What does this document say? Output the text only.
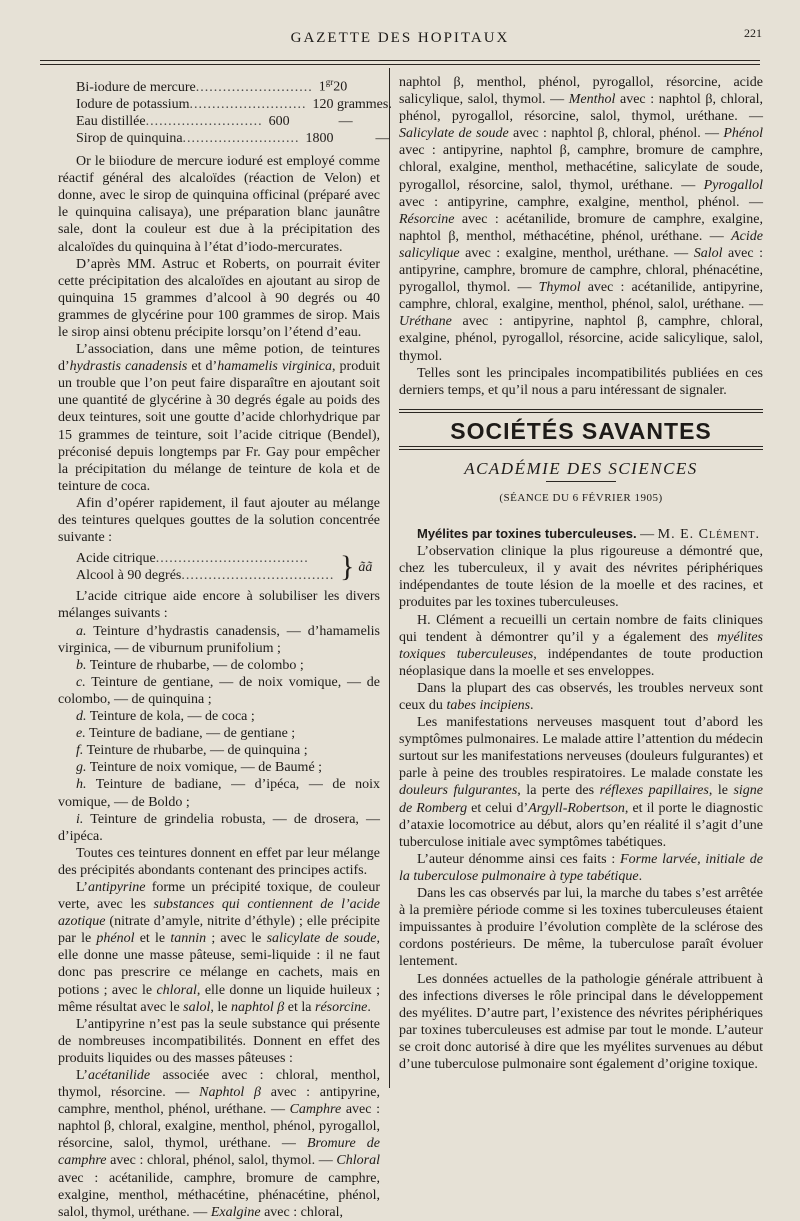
GAZETTE DES HOPITAUX	221
Bi-iodure de mercure .......................... $1^{gr}20$
Iodure de potassium .......................... 120 grammes.
Eau distillée .......................... 600	—
Sirop de quinquina .......................... 1800	—

Or le biiodure de mercure ioduré est employé comme réactif général des alcaloïdes (réaction de Velon) et donne, avec le sirop de quinquina officinal (préparé avec le quinquina calisaya), une préparation blanc jaunâtre sale, dont la couleur est due à la précipitation des alcaloïdes du quinquina à l’état d’iodo-mercurates.

D’après MM. Astruc et Roberts, on pourrait éviter cette précipitation des alcaloïdes en ajoutant au sirop de quinquina 15 grammes d’alcool à 90 degrés ou 40 grammes de glycérine pour 100 grammes de sirop. Mais le sirop ainsi obtenu précipite lorsqu’on l’étend d’eau.

L’association, dans une même potion, de teintures d’hydrastis canadensis et d’hamamelis virginica, produit un trouble que l’on peut faire disparaître en ajoutant soit une quantité de glycérine à 30 degrés égale au poids des deux teintures, soit une goutte d’acide chlorhydrique par 15 grammes de teinture, soit l’acide citrique (Bendel), préconisé depuis longtemps par Fr. Gay pour empêcher la précipitation du mélange de teinture de kola et de teinture de coca.

Afin d’opérer rapidement, il faut ajouter au mélange des teintures quelques gouttes de la solution concentrée suivante :

Acide citrique ..................................
Alcool à 90 degrés .................................. } ãã

L’acide citrique aide encore à solubiliser les divers mélanges suivants :

a. Teinture d’hydrastis canadensis, — d’hamamelis virginica, — de viburnum prunifolium ;

b. Teinture de rhubarbe, — de colombo ;

c. Teinture de gentiane, — de noix vomique, — de colombo, — de quinquina ;

d. Teinture de kola, — de coca ;

e. Teinture de badiane, — de gentiane ;

f. Teinture de rhubarbe, — de quinquina ;

g. Teinture de noix vomique, — de Baumé ;

h. Teinture de badiane, — d’ipéca, — de noix vomique, — de Boldo ;

i. Teinture de grindelia robusta, — de drosera, — d’ipéca.

Toutes ces teintures donnent en effet par leur mélange des précipités abondants contenant des principes actifs.

L’antipyrine forme un précipité toxique, de couleur verte, avec les substances qui contiennent de l’acide azotique (nitrate d’amyle, nitrite d’éthyle) ; elle précipite par le phénol et le tannin ; avec le salicylate de soude, elle donne une masse pâteuse, semi-liquide : il ne faut donc pas prescrire ce mélange en cachets, mais en potions ; avec le chloral, elle donne un liquide huileux ; même résultat avec le salol, le naphtol β et la résorcine.

L’antipyrine n’est pas la seule substance qui présente de nombreuses incompatibilités. Donnent en effet des produits liquides ou des masses pâteuses :

L’acétanilide associée avec : chloral, menthol, thymol, résorcine. — Naphtol β avec : antipyrine, camphre, menthol, phénol, uréthane. — Camphre avec : naphtol β, chloral, exalgine, menthol, phénol, pyrogallol, résorcine, salol, thymol, uréthane. — Bromure de camphre avec : chloral, phénol, salol, thymol. — Chloral avec : acétanilide, camphre, bromure de camphre, exalgine, menthol, méthacétine, phénacétine, phénol, salol, thymol, uréthane. — Exalgine avec : chloral,

naphtol β, menthol, phénol, pyrogallol, résorcine, acide salicylique, salol, thymol. — Menthol avec : naphtol β, chloral, phénol, pyrogallol, résorcine, salol, thymol, uréthane. — Salicylate de soude avec : naphtol β, chloral, phénol. — Phénol avec : antipyrine, naphtol β, camphre, bromure de camphre, chloral, exalgine, menthol, methacétine, salicylate de soude, pyrogallol, résorcine, salol, thymol, uréthane. — Pyrogallol avec : antipyrine, camphre, exalgine, menthol, phénol. — Résorcine avec : acétanilide, bromure de camphre, exalgine, naphtol β, menthol, méthacétine, phénol, uréthane. — Acide salicylique avec : exalgine, menthol, uréthane. — Salol avec : antipyrine, camphre, bromure de camphre, chloral, phénacétine, pyrogallol, thymol. — Thymol avec : acétanilide, antipyrine, camphre, chloral, exalgine, menthol, phénol, salol, uréthane. — Uréthane avec : antipyrine, naphtol β, camphre, chloral, exalgine, phénol, pyrogallol, résorcine, acide salicylique, salol, thymol.

Telles sont les principales incompatibilités publiées en ces derniers temps, et qu’il nous a paru intéressant de signaler.

SOCIÉTÉS SAVANTES
ACADÉMIE DES SCIENCES
(SÉANCE DU 6 FÉVRIER 1905)

Myélites par toxines tuberculeuses. — M. E. Clément.

L’observation clinique la plus rigoureuse a démontré que, chez les tuberculeux, il y avait des névrites périphériques indépendantes de toute lésion de la moelle et des racines, et produites par les toxines tuberculeuses.

H. Clément a recueilli un certain nombre de faits cliniques qui tendent à démontrer qu’il y a également des myélites toxiques tuberculeuses, indépendantes de toute production néoplasique dans la moelle et ses enveloppes.

Dans la plupart des cas observés, les troubles nerveux sont ceux du tabes incipiens.

Les manifestations nerveuses masquent tout d’abord les symptômes pulmonaires. Le malade attire l’attention du médecin surtout sur les manifestations nerveuses (douleurs fulgurantes) et parle à peine des troubles respiratoires. Le malade constate les douleurs fulgurantes, la perte des réflexes papillaires, le signe de Romberg et celui d’Argyll-Robertson, et il porte le diagnostic d’ataxie locomotrice au début, alors qu’en réalité il s’agit d’une tuberculose initiale avec symptômes tabétiques.

L’auteur dénomme ainsi ces faits : Forme larvée, initiale de la tuberculose pulmonaire à type tabétique.

Dans les cas observés par lui, la marche du tabes s’est arrêtée à la première période comme si les toxines tuberculeuses étaient impuissantes à produire l’évolution complète de la sclérose des cordons postérieurs. De même, la tuberculose paraît évoluer lentement.

Les données actuelles de la pathologie générale attribuent à des infections diverses le rôle principal dans le développement des myélites. D’autre part, l’existence des névrites périphériques par toxines tuberculeuses est admise par tout le monde. L’auteur se croit donc autorisé à dire que les myélites survenues au début d’une tuberculose pulmonaire sont également d’origine toxique.
